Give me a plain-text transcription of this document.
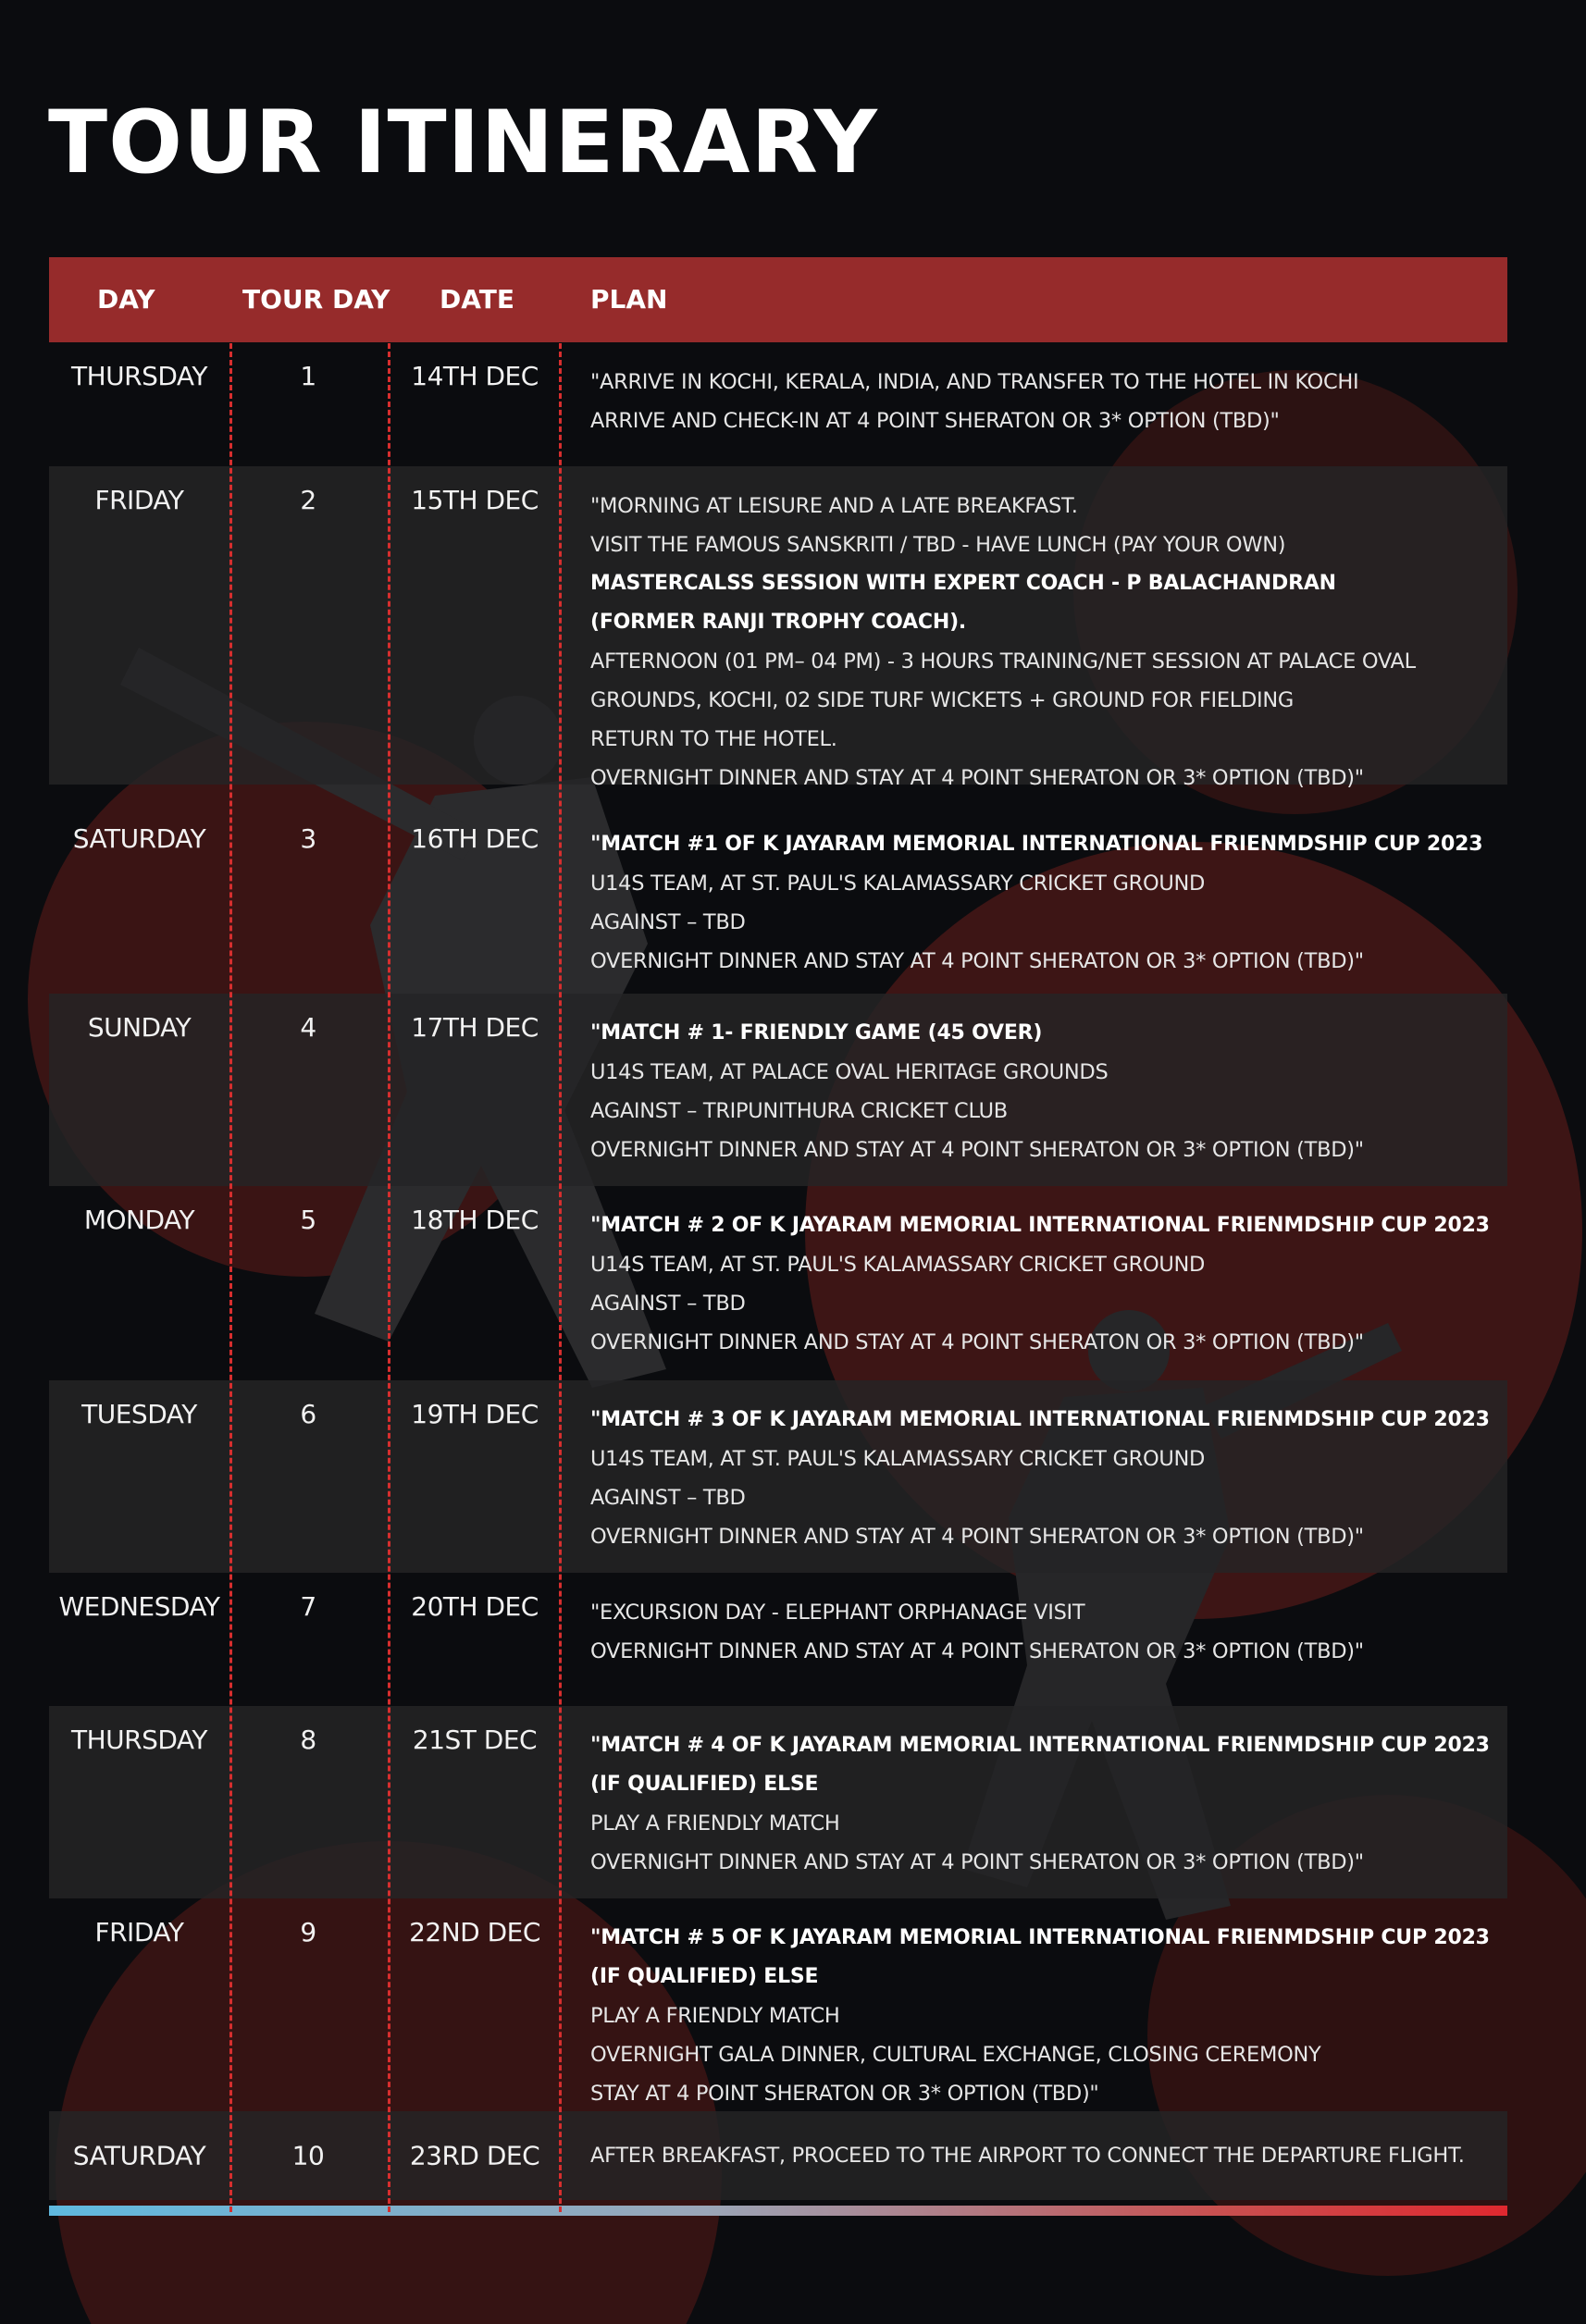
TOUR ITINERARY
DAY	TOUR DAY DATE	PLAN
THURSDAY	1	14TH DEC	"ARRIVE IN KOCHI, KERALA, INDIA, AND TRANSFER TO THE HOTEL IN KOCHI
ARRIVE AND CHECK-IN AT 4 POINT SHERATON OR 3* OPTION (TBD)"
FRIDAY	2	15TH DEC	"MORNING AT LEISURE AND A LATE BREAKFAST.
VISIT THE FAMOUS SANSKRITI / TBD - HAVE LUNCH (PAY YOUR OWN)
MASTERCALSS SESSION WITH EXPERT COACH - P BALACHANDRAN
(FORMER RANJI TROPHY COACH).
AFTERNOON (01 PM– 04 PM) - 3 HOURS TRAINING/NET SESSION AT PALACE OVAL
GROUNDS, KOCHI, 02 SIDE TURF WICKETS + GROUND FOR FIELDING
RETURN TO THE HOTEL.
OVERNIGHT DINNER AND STAY AT 4 POINT SHERATON OR 3* OPTION (TBD)"
SATURDAY	3	16TH DEC	"MATCH #1 OF K JAYARAM MEMORIAL INTERNATIONAL FRIENMDSHIP CUP 2023
U14S TEAM, AT ST. PAUL'S KALAMASSARY CRICKET GROUND
AGAINST – TBD
OVERNIGHT DINNER AND STAY AT 4 POINT SHERATON OR 3* OPTION (TBD)"
SUNDAY	4	17TH DEC	"MATCH # 1- FRIENDLY GAME (45 OVER)
U14S TEAM, AT PALACE OVAL HERITAGE GROUNDS
AGAINST – TRIPUNITHURA CRICKET CLUB
OVERNIGHT DINNER AND STAY AT 4 POINT SHERATON OR 3* OPTION (TBD)"
MONDAY	5	18TH DEC	"MATCH # 2 OF K JAYARAM MEMORIAL INTERNATIONAL FRIENMDSHIP CUP 2023
U14S TEAM, AT ST. PAUL'S KALAMASSARY CRICKET GROUND
AGAINST – TBD
OVERNIGHT DINNER AND STAY AT 4 POINT SHERATON OR 3* OPTION (TBD)"
TUESDAY	6	19TH DEC	"MATCH # 3 OF K JAYARAM MEMORIAL INTERNATIONAL FRIENMDSHIP CUP 2023
U14S TEAM, AT ST. PAUL'S KALAMASSARY CRICKET GROUND
AGAINST – TBD
OVERNIGHT DINNER AND STAY AT 4 POINT SHERATON OR 3* OPTION (TBD)"
WEDNESDAY	7	20TH DEC	"EXCURSION DAY - ELEPHANT ORPHANAGE VISIT
OVERNIGHT DINNER AND STAY AT 4 POINT SHERATON OR 3* OPTION (TBD)"
THURSDAY	8	21ST DEC	"MATCH # 4 OF K JAYARAM MEMORIAL INTERNATIONAL FRIENMDSHIP CUP 2023
(IF QUALIFIED) ELSE
PLAY A FRIENDLY MATCH
OVERNIGHT DINNER AND STAY AT 4 POINT SHERATON OR 3* OPTION (TBD)"
FRIDAY	9	22ND DEC	"MATCH # 5 OF K JAYARAM MEMORIAL INTERNATIONAL FRIENMDSHIP CUP 2023
(IF QUALIFIED) ELSE
PLAY A FRIENDLY MATCH
OVERNIGHT GALA DINNER, CULTURAL EXCHANGE, CLOSING CEREMONY
STAY AT 4 POINT SHERATON OR 3* OPTION (TBD)"
SATURDAY	10	23RD DEC	AFTER BREAKFAST, PROCEED TO THE AIRPORT TO CONNECT THE DEPARTURE FLIGHT.
